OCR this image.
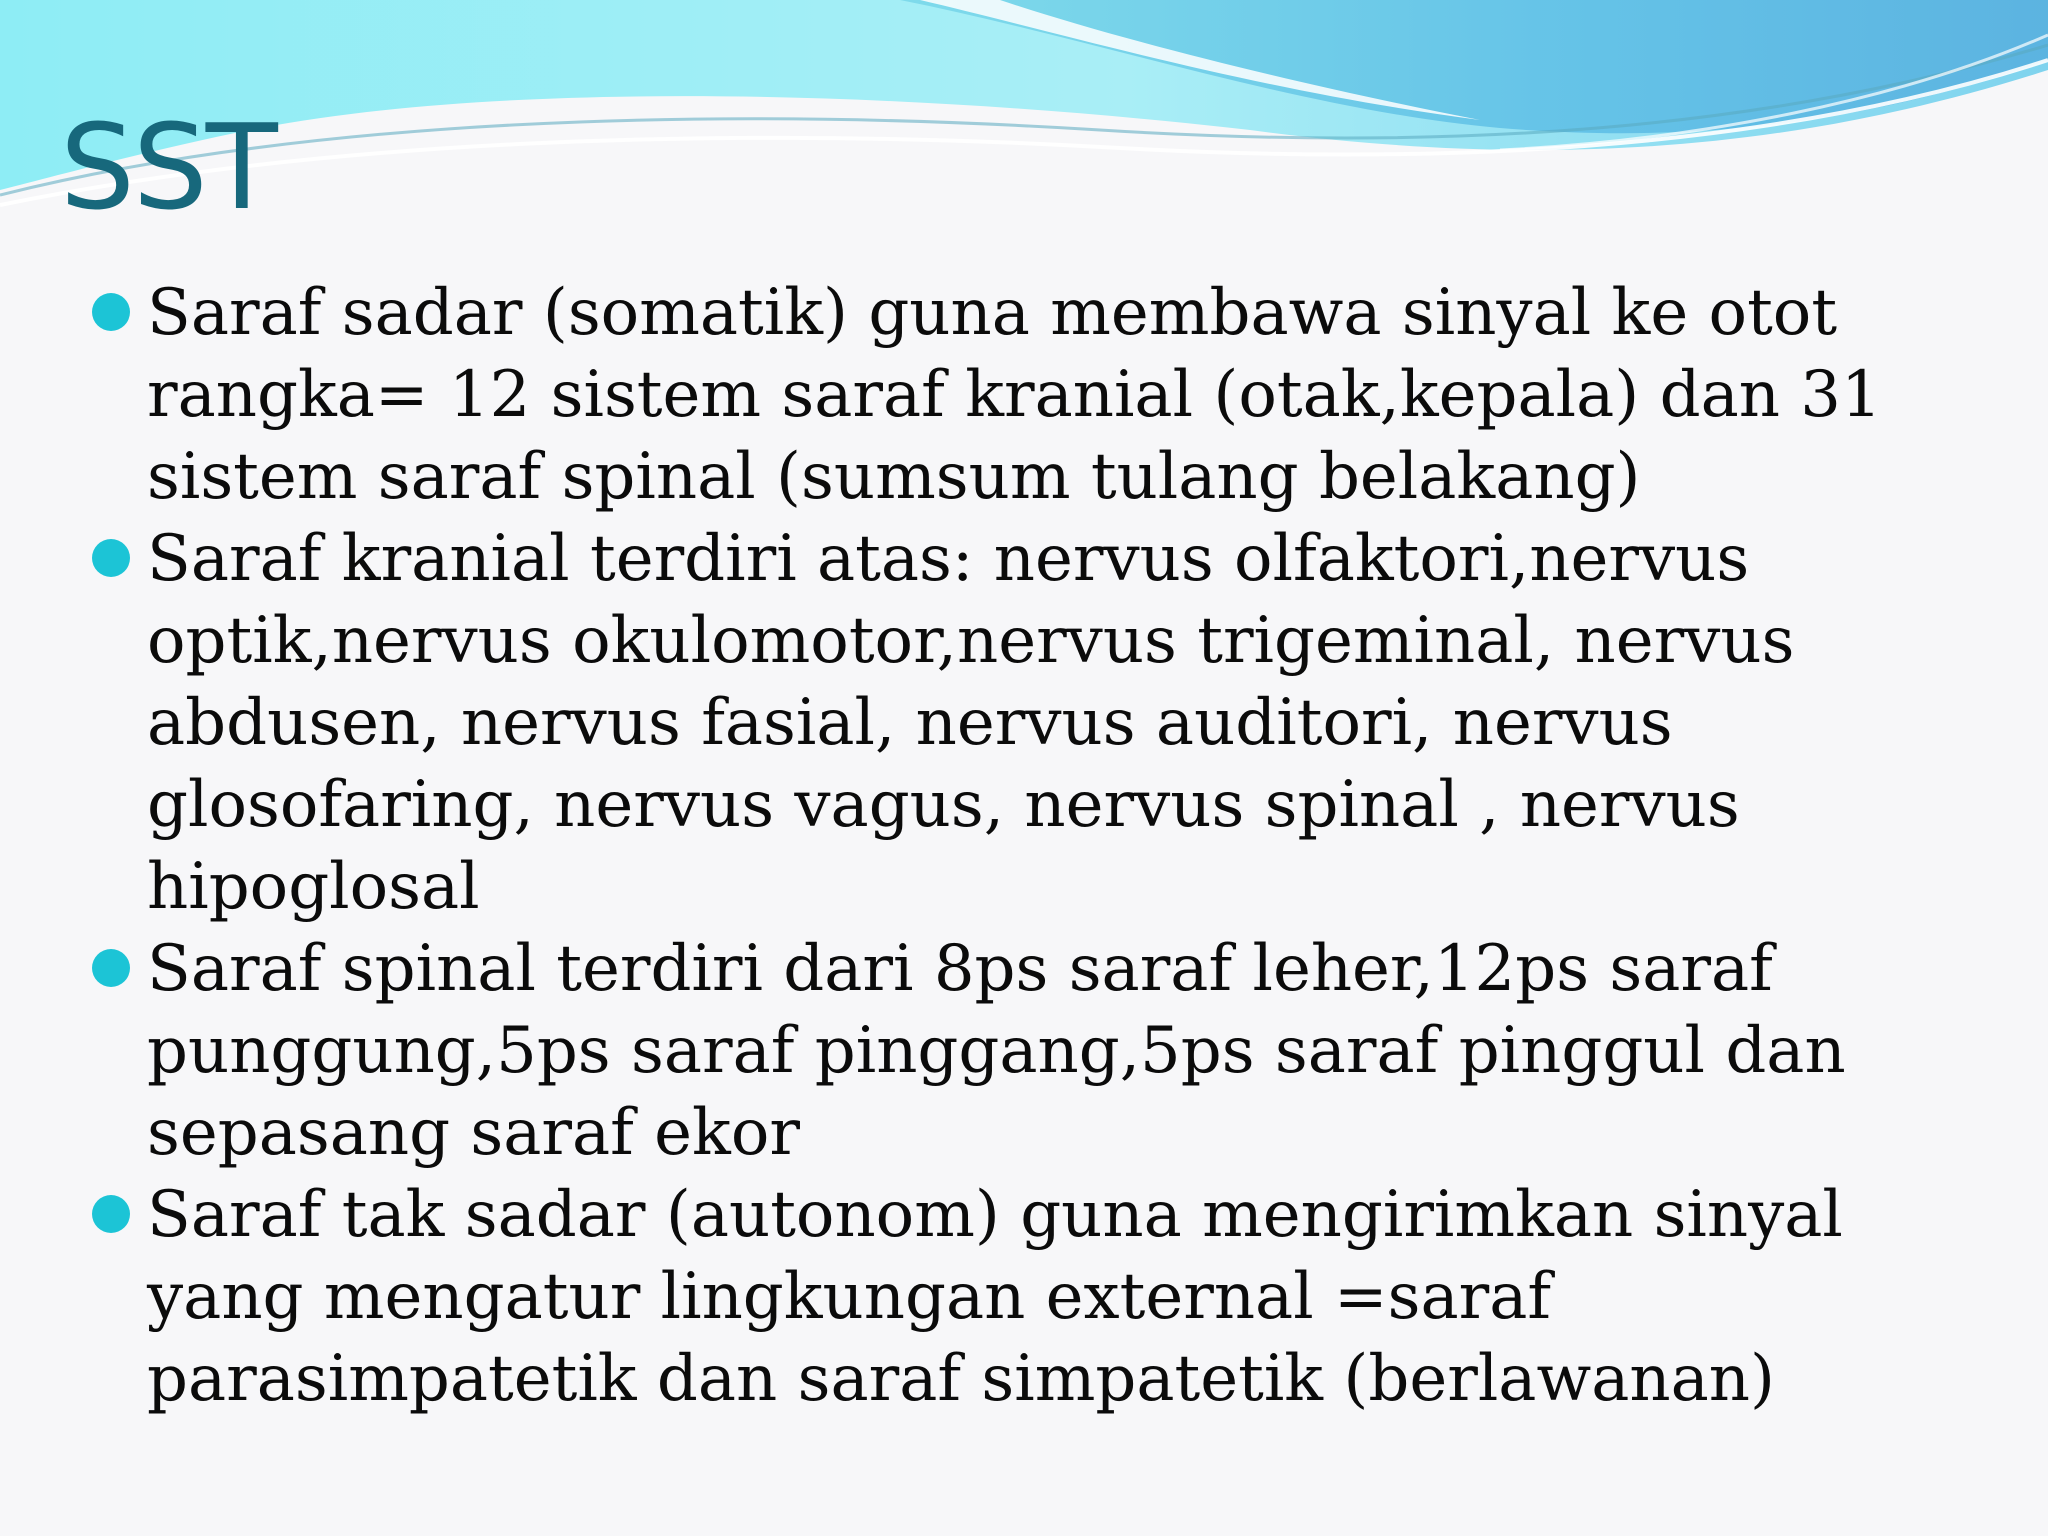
SST
Saraf sadar (somatik) guna membawa sinyal ke otot rangka= 12 sistem saraf kranial (otak,kepala) dan 31 sistem saraf spinal (sumsum tulang belakang)
Saraf kranial terdiri atas: nervus olfaktori,nervus optik,nervus okulomotor,nervus trigeminal, nervus abdusen, nervus fasial, nervus auditori, nervus glosofaring, nervus vagus, nervus spinal , nervus hipoglosal
Saraf spinal terdiri dari 8ps saraf leher,12ps saraf punggung,5ps saraf pinggang,5ps saraf pinggul dan sepasang saraf ekor
Saraf tak sadar (autonom) guna mengirimkan sinyal yang mengatur lingkungan external =saraf parasimpatetik dan saraf simpatetik (berlawanan)
